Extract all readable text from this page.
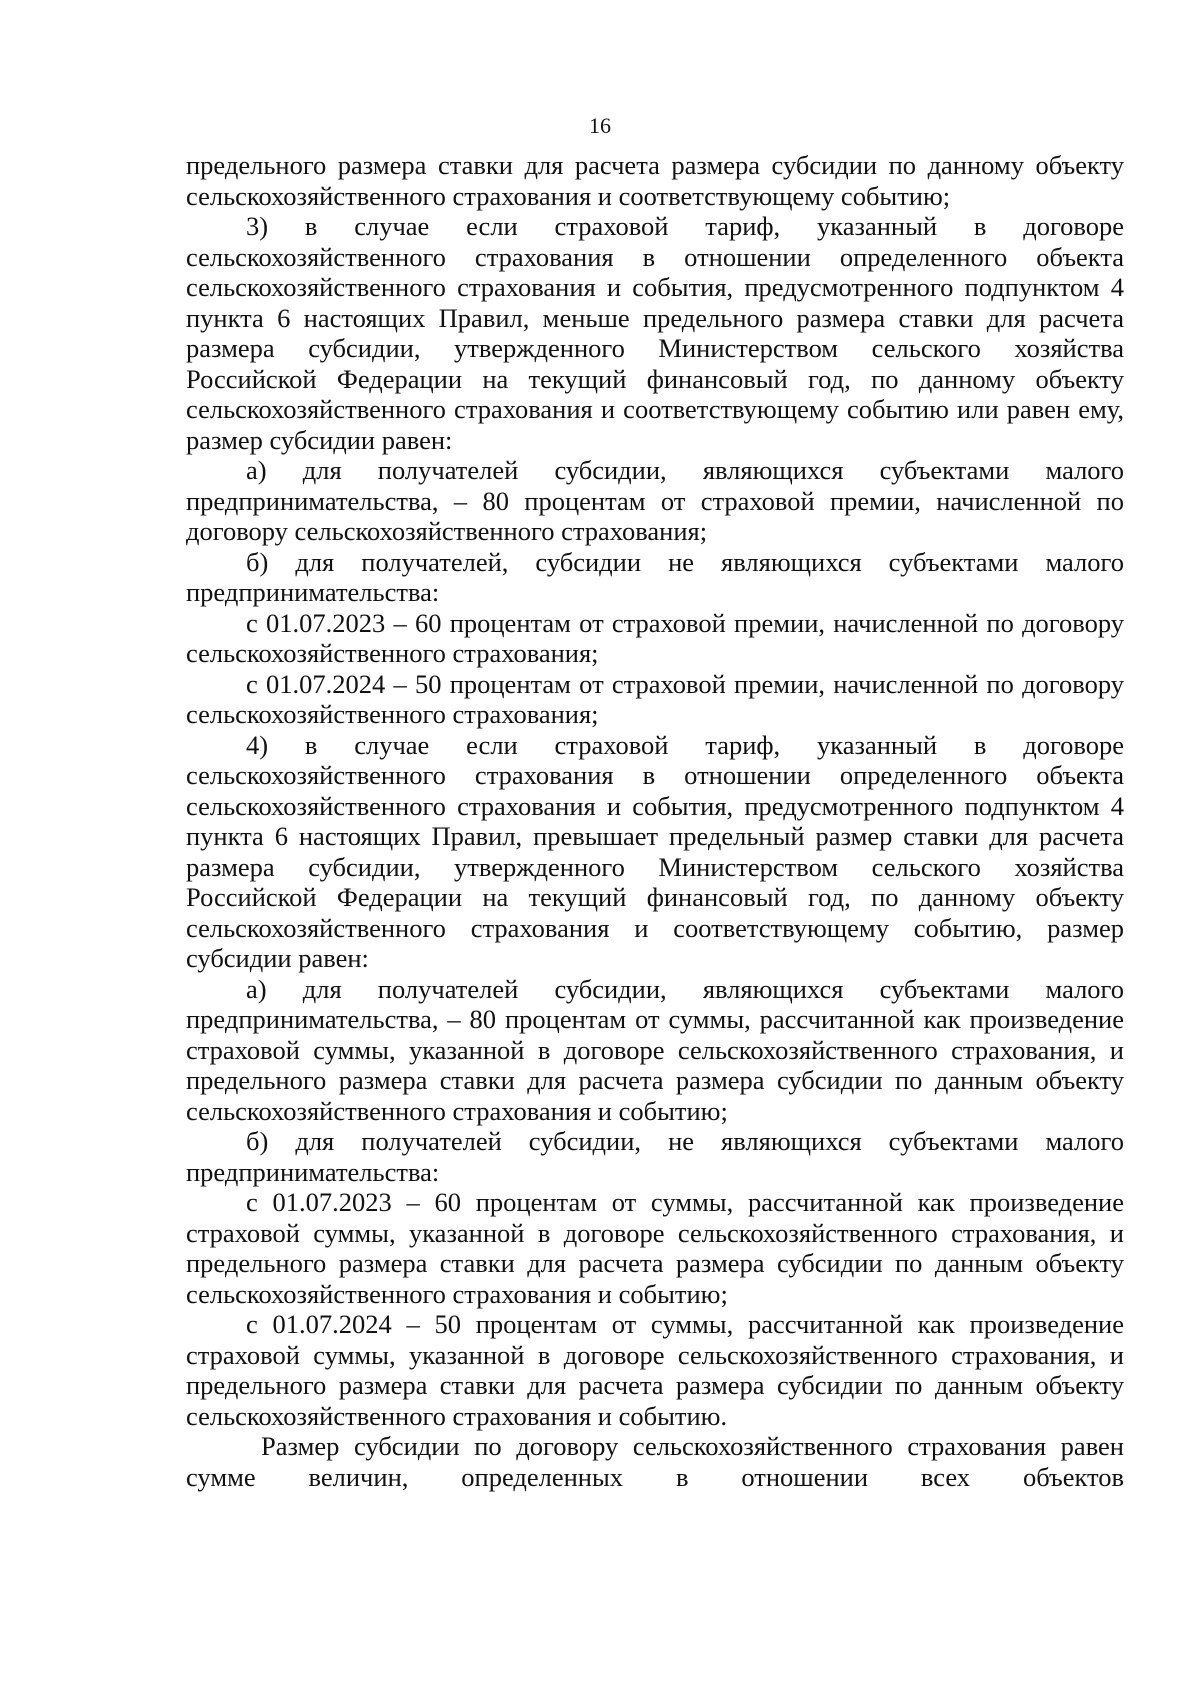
16

предельного размера ставки для расчета размера субсидии по данному объекту сельскохозяйственного страхования и соответствующему событию;

3) в случае если страховой тариф, указанный в договоре сельскохозяйственного страхования в отношении определенного объекта сельскохозяйственного страхования и события, предусмотренного подпунктом 4 пункта 6 настоящих Правил, меньше предельного размера ставки для расчета размера субсидии, утвержденного Министерством сельского хозяйства Российской Федерации на текущий финансовый год, по данному объекту сельскохозяйственного страхования и соответствующему событию или равен ему, размер субсидии равен:

а) для получателей субсидии, являющихся субъектами малого предпринимательства, – 80 процентам от страховой премии, начисленной по договору сельскохозяйственного страхования;

б) для получателей, субсидии не являющихся субъектами малого предпринимательства:

с 01.07.2023 – 60 процентам от страховой премии, начисленной по договору сельскохозяйственного страхования;

с 01.07.2024 – 50 процентам от страховой премии, начисленной по договору сельскохозяйственного страхования;

4) в случае если страховой тариф, указанный в договоре сельскохозяйственного страхования в отношении определенного объекта сельскохозяйственного страхования и события, предусмотренного подпунктом 4 пункта 6 настоящих Правил, превышает предельный размер ставки для расчета размера субсидии, утвержденного Министерством сельского хозяйства Российской Федерации на текущий финансовый год, по данному объекту сельскохозяйственного страхования и соответствующему событию, размер субсидии равен:

а) для получателей субсидии, являющихся субъектами малого предпринимательства, – 80 процентам от суммы, рассчитанной как произведение страховой суммы, указанной в договоре сельскохозяйственного страхования, и предельного размера ставки для расчета размера субсидии по данным объекту сельскохозяйственного страхования и событию;

б) для получателей субсидии, не являющихся субъектами малого предпринимательства:

с 01.07.2023 – 60 процентам от суммы, рассчитанной как произведение страховой суммы, указанной в договоре сельскохозяйственного страхования, и предельного размера ставки для расчета размера субсидии по данным объекту сельскохозяйственного страхования и событию;

с 01.07.2024 – 50 процентам от суммы, рассчитанной как произведение страховой суммы, указанной в договоре сельскохозяйственного страхования, и предельного размера ставки для расчета размера субсидии по данным объекту сельскохозяйственного страхования и событию.

Размер субсидии по договору сельскохозяйственного страхования равен сумме величин, определенных в отношении всех объектов
